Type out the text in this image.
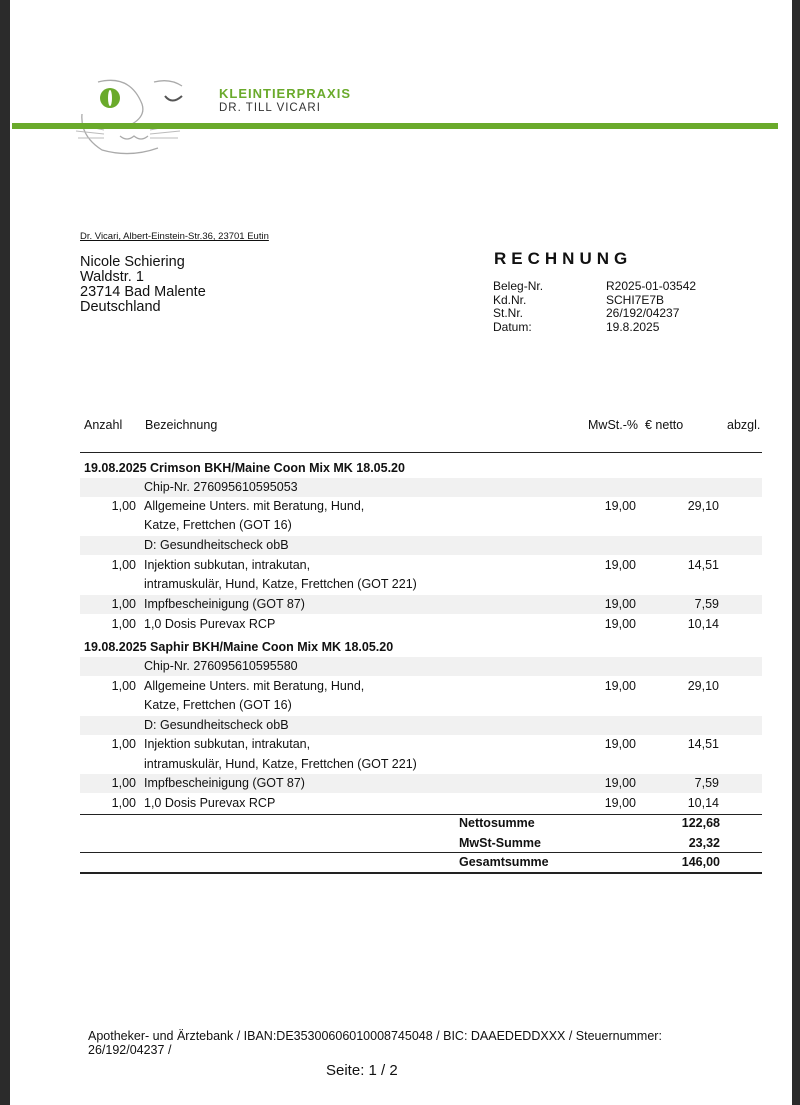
KLEINTIERPRAXIS
DR. TILL VICARI
Dr. Vicari, Albert-Einstein-Str.36, 23701 Eutin
Nicole Schiering
Waldstr. 1
23714 Bad Malente
Deutschland
RECHNUNG
Beleg-Nr.	R2025-01-03542
Kd.Nr.	SCHI7E7B
St.Nr.	26/192/04237
Datum:	19.8.2025
Anzahl Bezeichnung	MwSt.-% € netto	abzgl.
19.08.2025 Crimson BKH/Maine Coon Mix MK 18.05.20
Chip-Nr. 276095610595053
1,00 Allgemeine Unters. mit Beratung, Hund,	19,00	29,10
Katze, Frettchen (GOT 16)
D: Gesundheitscheck obB
1,00 Injektion subkutan, intrakutan,	19,00	14,51
intramuskulär, Hund, Katze, Frettchen (GOT 221)
1,00 Impfbescheinigung (GOT 87)	19,00	7,59
1,00 1,0 Dosis Purevax RCP	19,00	10,14
19.08.2025 Saphir BKH/Maine Coon Mix MK 18.05.20
Chip-Nr. 276095610595580
1,00 Allgemeine Unters. mit Beratung, Hund,	19,00	29,10
Katze, Frettchen (GOT 16)
D: Gesundheitscheck obB
1,00 Injektion subkutan, intrakutan,	19,00	14,51
intramuskulär, Hund, Katze, Frettchen (GOT 221)
1,00 Impfbescheinigung (GOT 87)	19,00	7,59
1,00 1,0 Dosis Purevax RCP	19,00	10,14
Nettosumme	122,68
MwSt-Summe	23,32
Gesamtsumme	146,00
Apotheker- und Ärztebank / IBAN:DE35300606010008745048 / BIC: DAAEDEDDXXX / Steuernummer: 26/192/04237 /
Seite: 1 / 2
